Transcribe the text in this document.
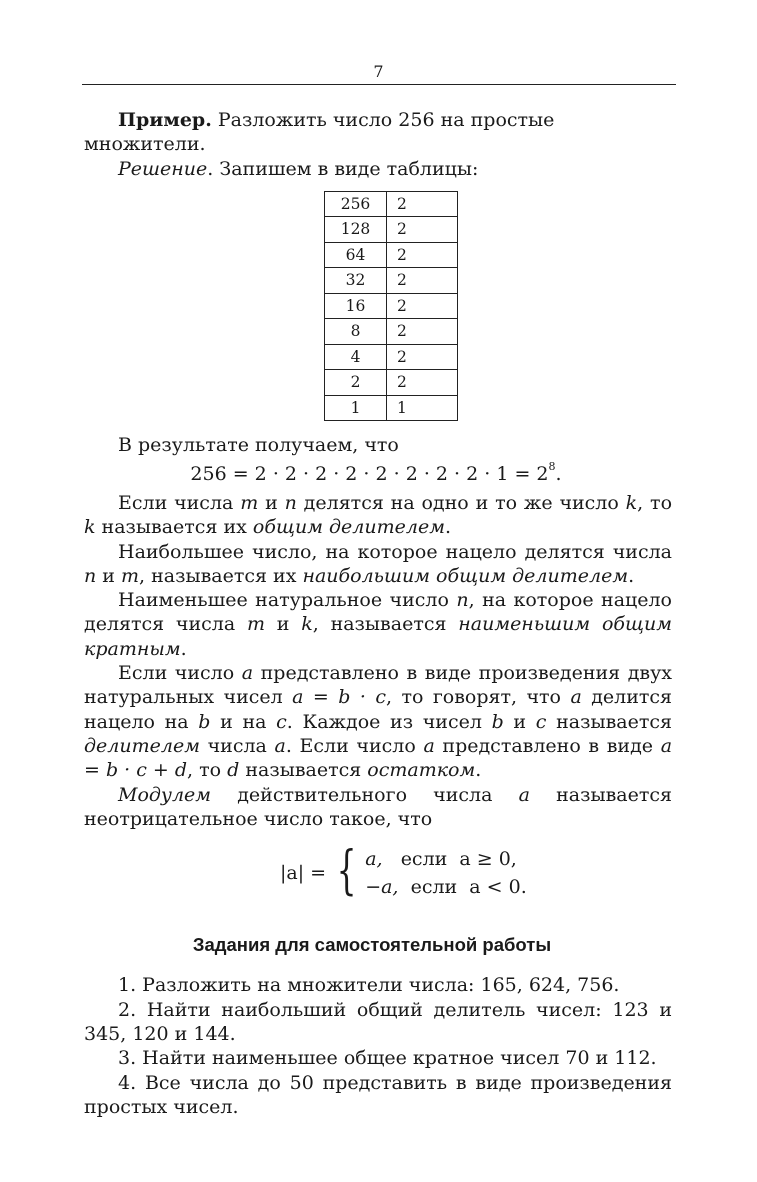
7

Пример. Разложить число 256 на простые множители.

Решение. Запишем в виде таблицы:

256	2
128	2
64	2
32	2
16	2
8	2
4	2
2	2
1	1

В результате получаем, что

$256 = 2 \cdot 2 \cdot 2 \cdot 2 \cdot 2 \cdot 2 \cdot 2 \cdot 2 \cdot 1 = 2^8$.

Если числа m и n делятся на одно и то же число k, то k называется их общим делителем.

Наибольшее число, на которое нацело делятся числа n и m, называется их наибольшим общим делителем.

Наименьшее натуральное число n, на которое нацело делятся числа m и k, называется наименьшим общим кратным.

Если число a представлено в виде произведения двух натуральных чисел a = b · c, то говорят, что a делится нацело на b и на c. Каждое из чисел b и c называется делителем числа a. Если число a представлено в виде a = b · c + d, то d называется остатком.

Модулем действительного числа a называется неотрицательное число такое, что

|a| = { a, если  a ≥ 0,
−a, если  a < 0.
Задания для самостоятельной работы

1. Разложить на множители числа: 165, 624, 756.

2. Найти наибольший общий делитель чисел: 123 и 345, 120 и 144.

3. Найти наименьшее общее кратное чисел 70 и 112.

4. Все числа до 50 представить в виде произведения простых чисел.
